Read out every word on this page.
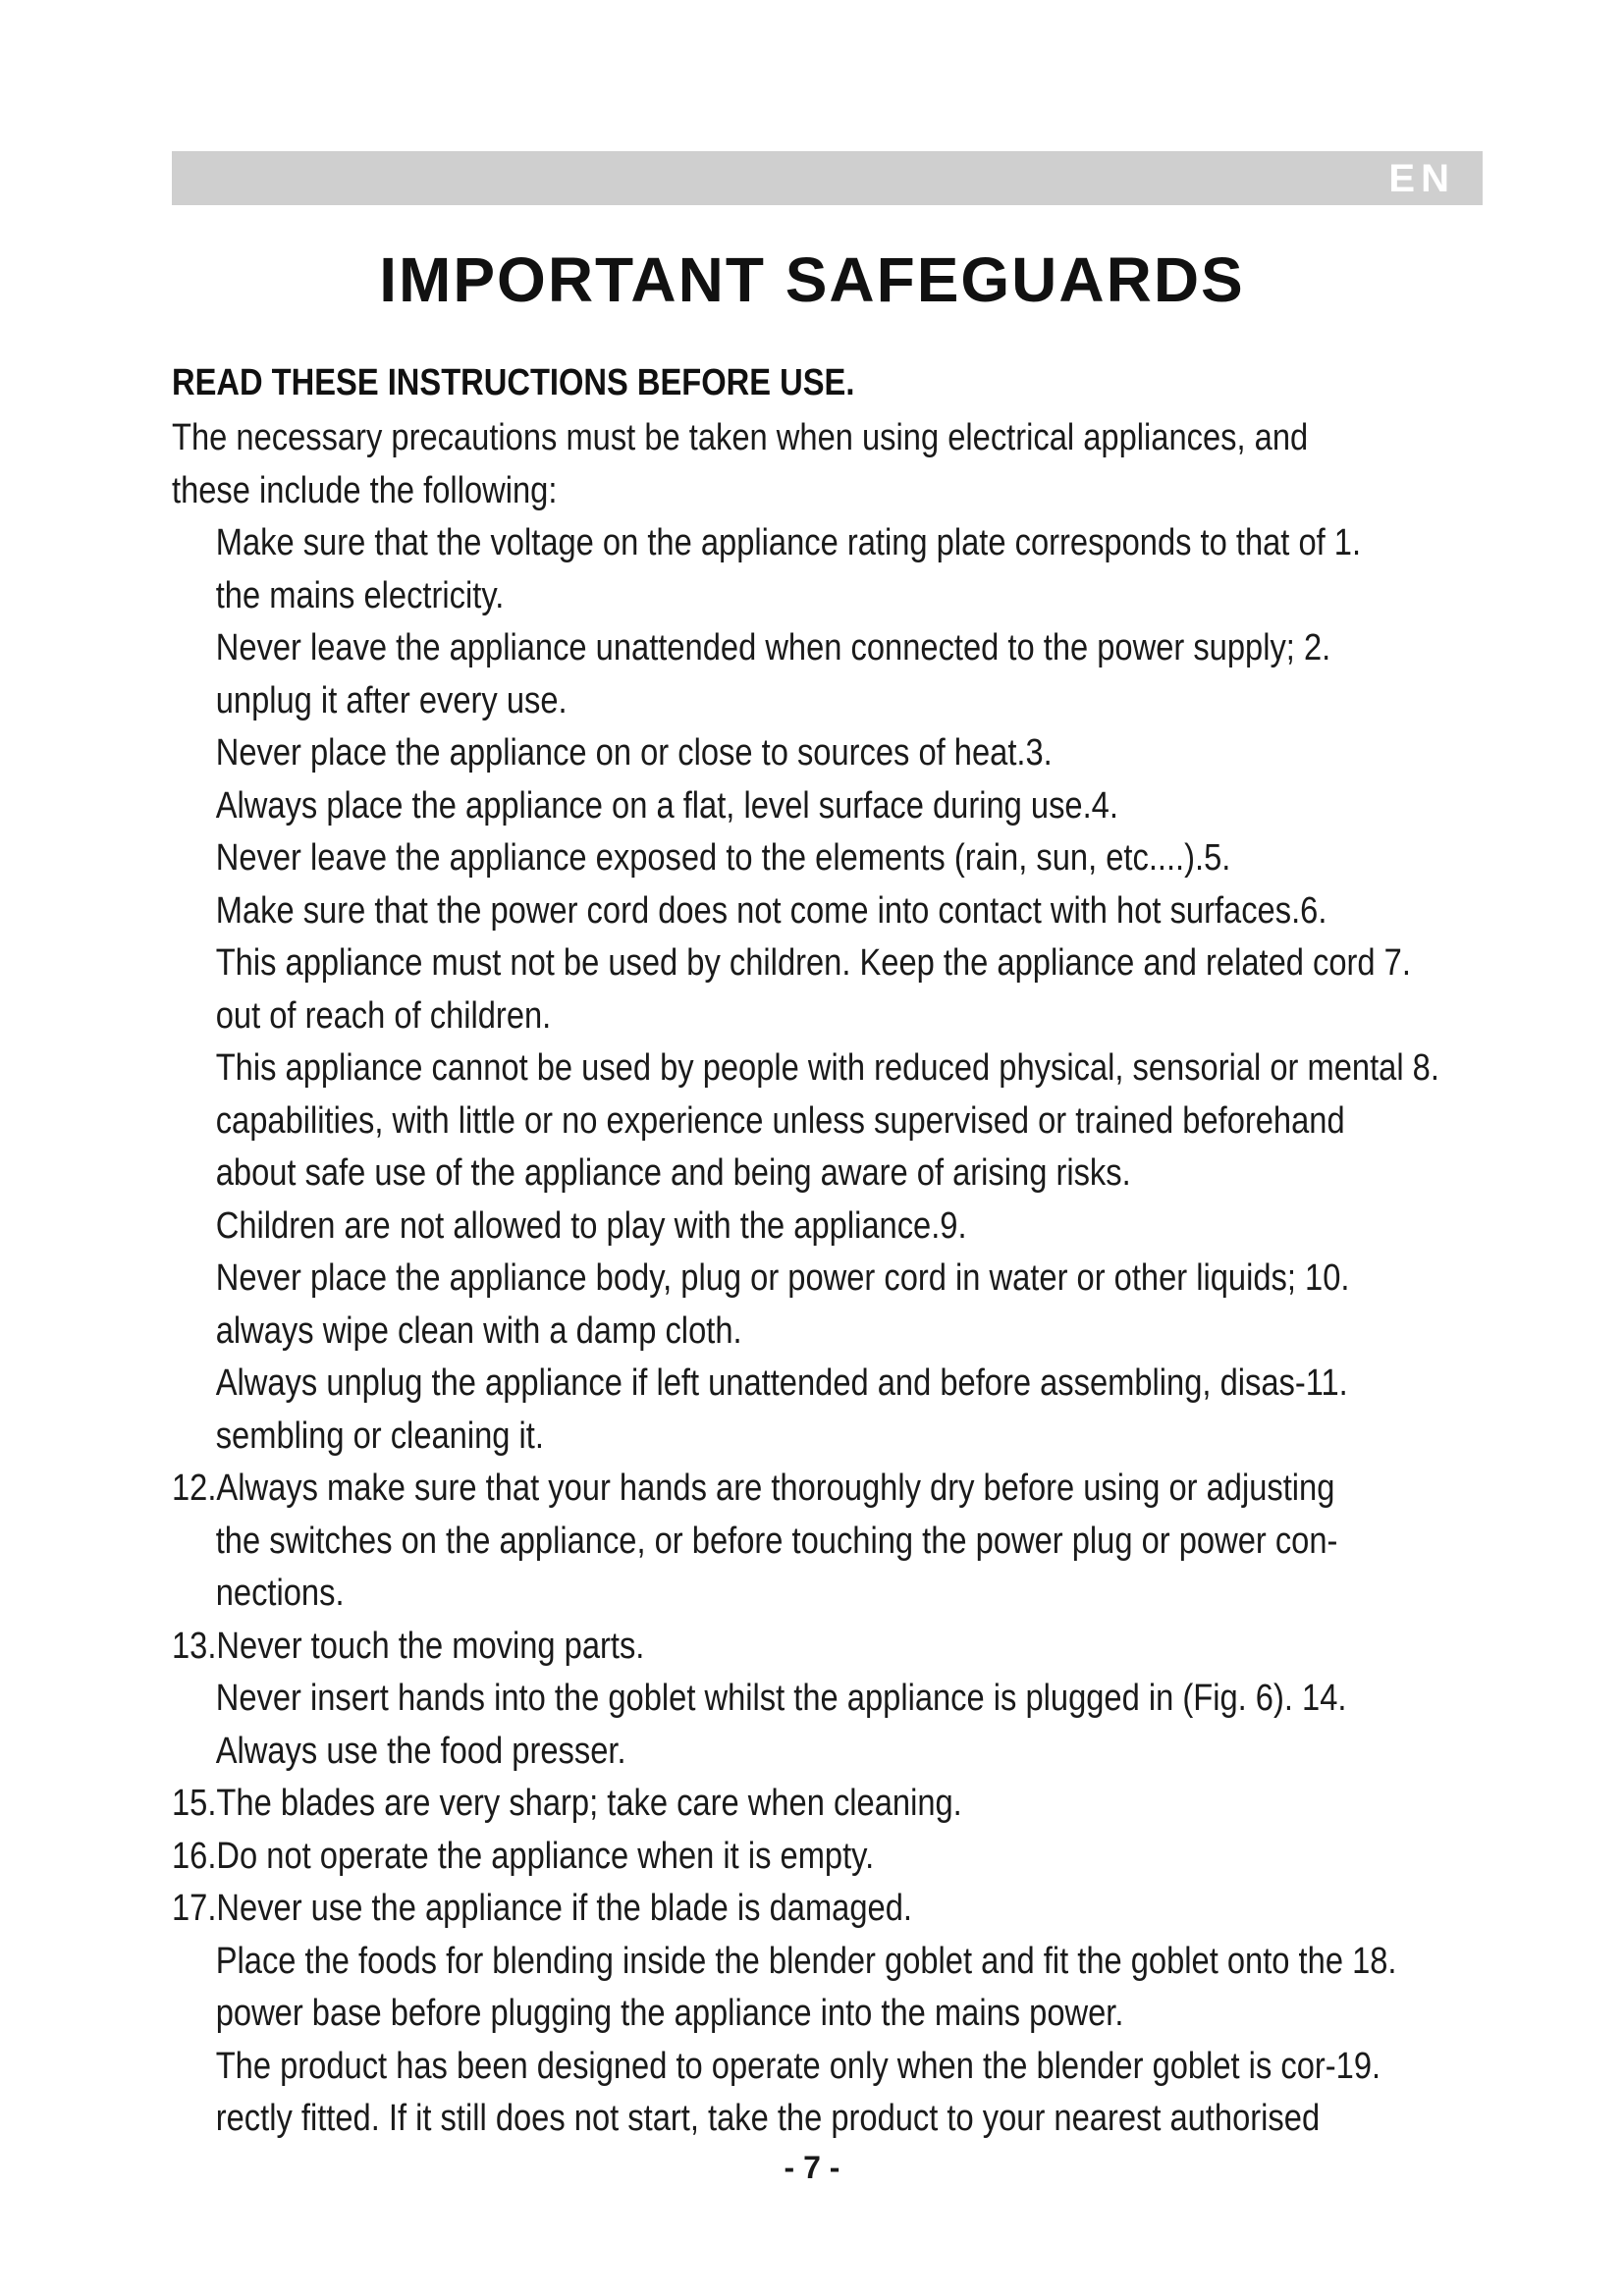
EN
IMPORTANT SAFEGUARDS
READ THESE INSTRUCTIONS BEFORE USE.
The necessary precautions must be taken when using electrical appliances, and
these include the following:
Make sure that the voltage on the appliance rating plate corresponds to that of 1.
the mains electricity.
Never leave the appliance unattended when connected to the power supply; 2.
unplug it after every use.
Never place the appliance on or close to sources of heat.3.
Always place the appliance on a flat, level surface during use.4.
Never leave the appliance exposed to the elements (rain, sun, etc....).5.
Make sure that the power cord does not come into contact with hot surfaces.6.
This appliance must not be used by children. Keep the appliance and related cord 7.
out of reach of children.
This appliance cannot be used by people with reduced physical, sensorial or mental 8.
capabilities, with little or no experience unless supervised or trained beforehand
about safe use of the appliance and being aware of arising risks.
Children are not allowed to play with the appliance.9.
Never place the appliance body, plug or power cord in water or other liquids; 10.
always wipe clean with a damp cloth.
Always unplug the appliance if left unattended and before assembling, disas-11.
sembling or cleaning it.
12.Always make sure that your hands are thoroughly dry before using or adjusting
the switches on the appliance, or before touching the power plug or power con-
nections.
13.Never touch the moving parts.
Never insert hands into the goblet whilst the appliance is plugged in (Fig. 6). 14.
Always use the food presser.
15.The blades are very sharp; take care when cleaning.
16.Do not operate the appliance when it is empty.
17.Never use the appliance if the blade is damaged.
Place the foods for blending inside the blender goblet and fit the goblet onto the 18.
power base before plugging the appliance into the mains power.
The product has been designed to operate only when the blender goblet is cor-19.
rectly fitted. If it still does not start, take the product to your nearest authorised
- 7 -
